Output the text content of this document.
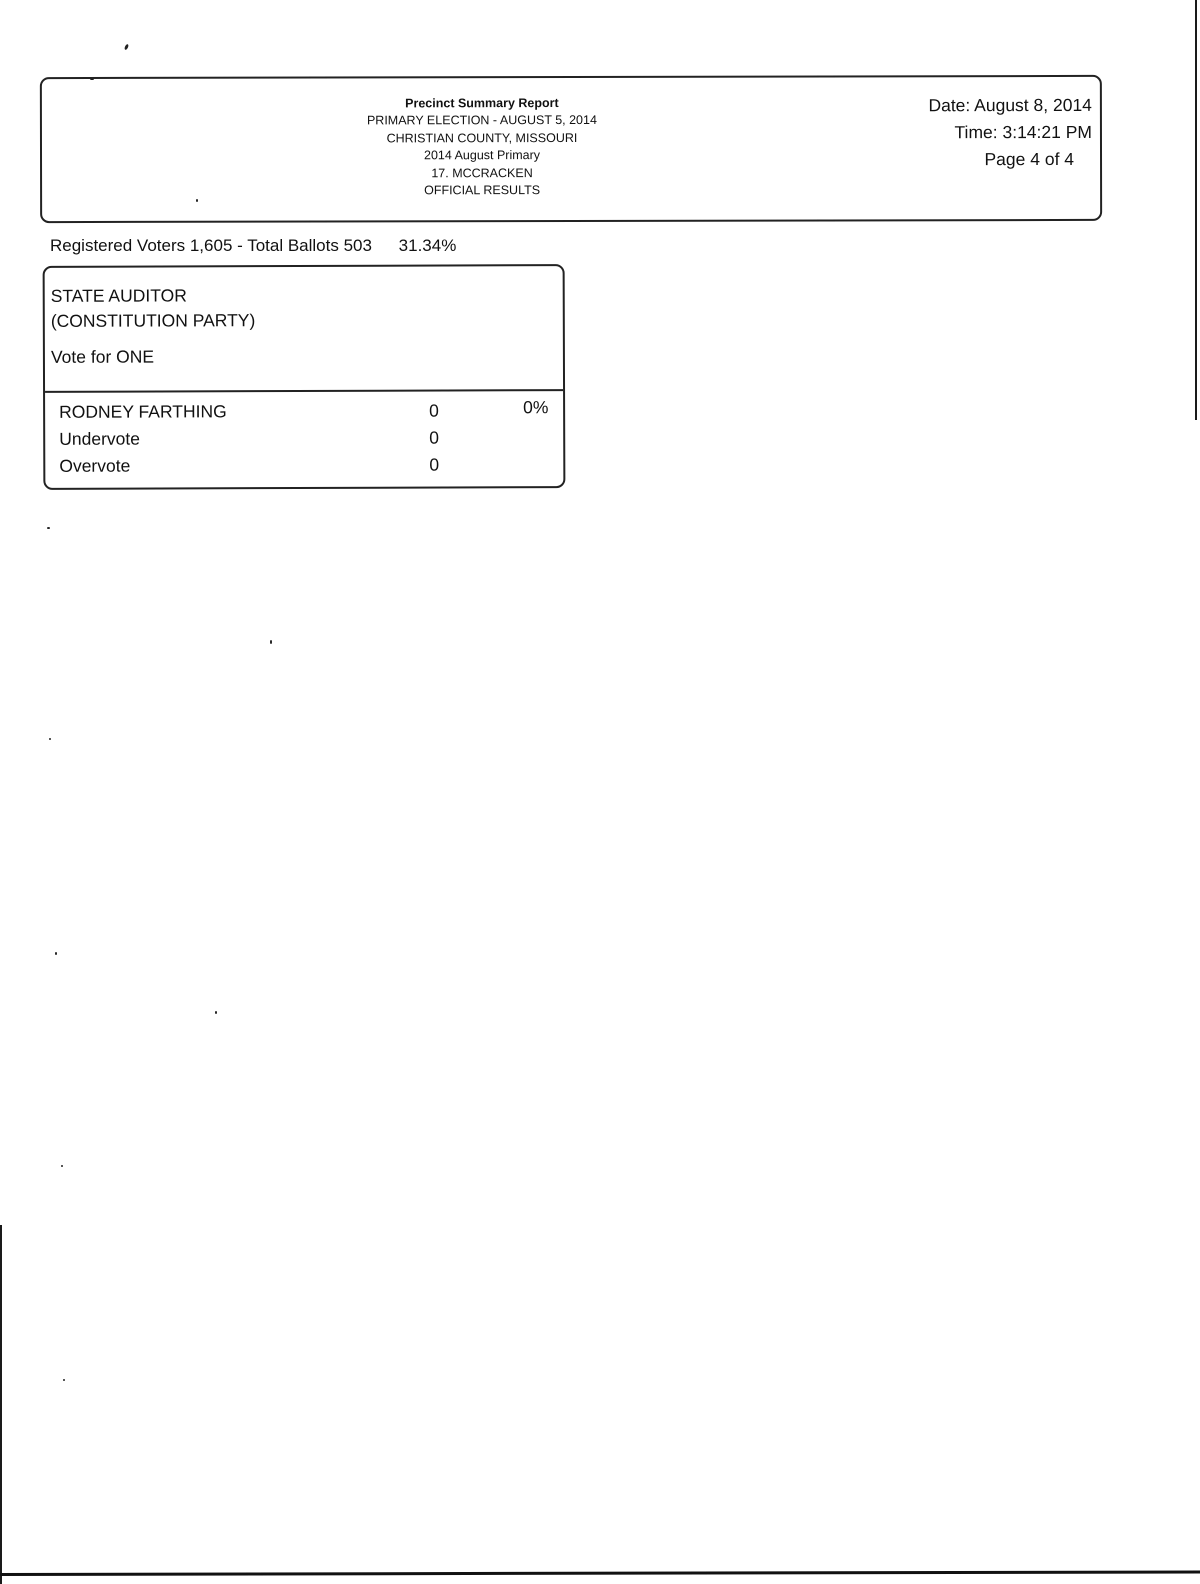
Precinct Summary Report
PRIMARY ELECTION - AUGUST 5, 2014
CHRISTIAN COUNTY, MISSOURI
2014 August Primary
17. MCCRACKEN
OFFICIAL RESULTS
Date: August 8, 2014
Time: 3:14:21 PM
Page 4 of 4
Registered Voters 1,605 - Total Ballots 503 31.34%
STATE AUDITOR
(CONSTITUTION PARTY)
Vote for ONE
RODNEY FARTHING	0	0%
Undervote	0
Overvote	0
